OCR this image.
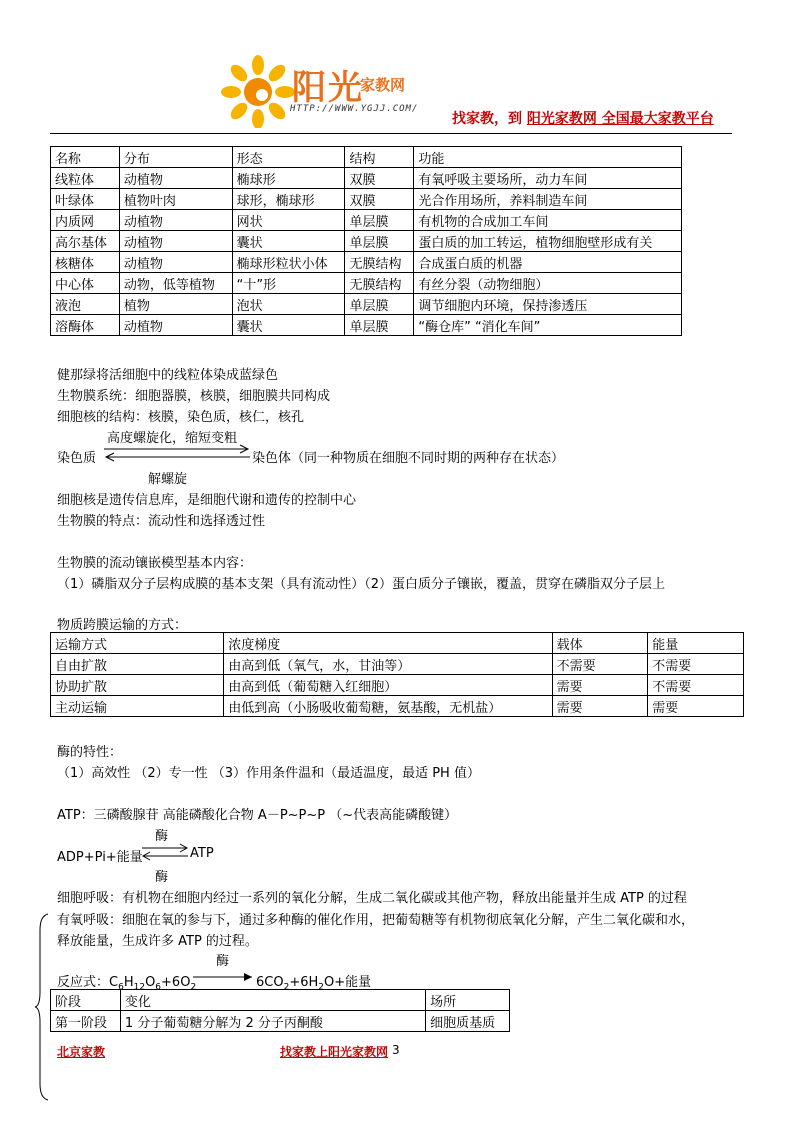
阳光
家教网
HTTP://WWW.YGJJ.COM/
找家教，到 阳光家教网 全国最大家教平台
名称	分布	形态	结构	功能
线粒体	动植物	椭球形	双膜	有氧呼吸主要场所，动力车间
叶绿体	植物叶肉	球形，椭球形	双膜	光合作用场所，养料制造车间
内质网	动植物	网状	单层膜	有机物的合成加工车间
高尔基体	动植物	囊状	单层膜	蛋白质的加工转运，植物细胞壁形成有关
核糖体	动植物	椭球形粒状小体	无膜结构	合成蛋白质的机器
中心体	动物，低等植物	“十”形	无膜结构	有丝分裂（动物细胞）
液泡	植物	泡状	单层膜	调节细胞内环境，保持渗透压
溶酶体	动植物	囊状	单层膜	“酶仓库” “消化车间”
健那绿将活细胞中的线粒体染成蓝绿色
生物膜系统：细胞器膜，核膜，细胞膜共同构成
细胞核的结构：核膜，染色质，核仁，核孔
高度螺旋化，缩短变粗
染色质	染色体（同一种物质在细胞不同时期的两种存在状态）
解螺旋
细胞核是遗传信息库，是细胞代谢和遗传的控制中心
生物膜的特点：流动性和选择透过性
生物膜的流动镶嵌模型基本内容：
（1）磷脂双分子层构成膜的基本支架（具有流动性）（2）蛋白质分子镶嵌，覆盖，贯穿在磷脂双分子层上
物质跨膜运输的方式：
运输方式	浓度梯度	载体	能量
自由扩散	由高到低（氧气，水，甘油等）	不需要	不需要
协助扩散	由高到低（葡萄糖入红细胞）	需要	不需要
主动运输	由低到高（小肠吸收葡萄糖，氨基酸，无机盐）	需要	需要
酶的特性：
（1）高效性 （2）专一性 （3）作用条件温和（最适温度，最适 PH 值）
ATP：三磷酸腺苷 高能磷酸化合物 A－P~P~P （~代表高能磷酸键）
酶
ADP+Pi+能量	ATP
酶
细胞呼吸：有机物在细胞内经过一系列的氧化分解，生成二氧化碳或其他产物，释放出能量并生成 ATP 的过程
有氧呼吸：细胞在氧的参与下，通过多种酶的催化作用，把葡萄糖等有机物彻底氧化分解，产生二氧化碳和水，
释放能量，生成许多 ATP 的过程。
酶
反应式：$C_6H_{12}O_6+6O_2$	$6CO_2+6H_2O+$能量
阶段	变化	场所
第一阶段	1 分子葡萄糖分解为 2 分子丙酮酸	细胞质基质
北京家教	找家教上阳光家教网 3
